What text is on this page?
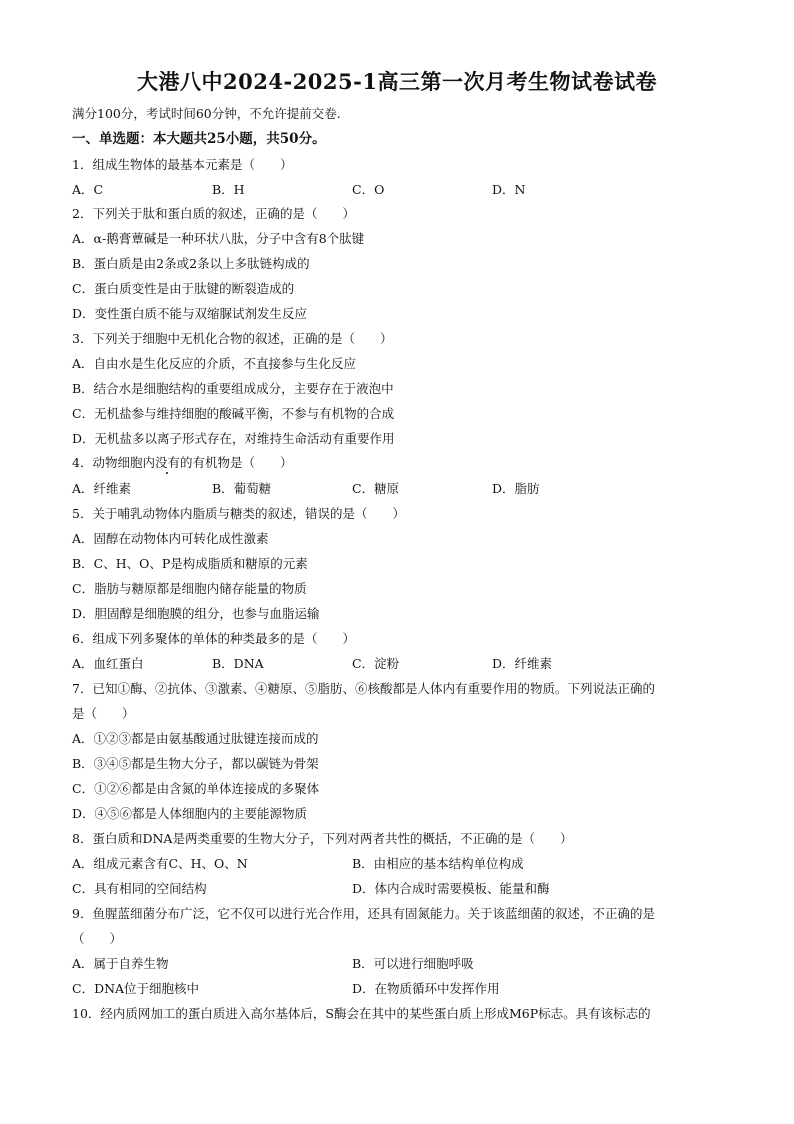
大港八中2024-2025-1高三第一次月考生物试卷试卷
满分100分，考试时间60分钟，不允许提前交卷.
一、单选题：本大题共25小题，共50分。
1．组成生物体的最基本元素是（　　）
A．C	B．H	C．O	D．N
2．下列关于肽和蛋白质的叙述，正确的是（　　）
A．α-鹅膏蕈碱是一种环状八肽，分子中含有8个肽键
B．蛋白质是由2条或2条以上多肽链构成的
C．蛋白质变性是由于肽键的断裂造成的
D．变性蛋白质不能与双缩脲试剂发生反应
3．下列关于细胞中无机化合物的叙述，正确的是（　　）
A．自由水是生化反应的介质，不直接参与生化反应
B．结合水是细胞结构的重要组成成分，主要存在于液泡中
C．无机盐参与维持细胞的酸碱平衡，不参与有机物的合成
D．无机盐多以离子形式存在，对维持生命活动有重要作用
4．动物细胞内没有的有机物是（　　）
A．纤维素	B．葡萄糖	C．糖原	D．脂肪
5．关于哺乳动物体内脂质与糖类的叙述，错误的是（　　）
A．固醇在动物体内可转化成性激素
B．C、H、O、P是构成脂质和糖原的元素
C．脂肪与糖原都是细胞内储存能量的物质
D．胆固醇是细胞膜的组分，也参与血脂运输
6．组成下列多聚体的单体的种类最多的是（　　）
A．血红蛋白	B．DNA	C．淀粉	D．纤维素
7．已知①酶、②抗体、③激素、④糖原、⑤脂肪、⑥核酸都是人体内有重要作用的物质。下列说法正确的
是（　　）
A．①②③都是由氨基酸通过肽键连接而成的
B．③④⑤都是生物大分子，都以碳链为骨架
C．①②⑥都是由含氮的单体连接成的多聚体
D．④⑤⑥都是人体细胞内的主要能源物质
8．蛋白质和DNA是两类重要的生物大分子，下列对两者共性的概括，不正确的是（　　）
A．组成元素含有C、H、O、N	B．由相应的基本结构单位构成
C．具有相同的空间结构	D．体内合成时需要模板、能量和酶
9．鱼腥蓝细菌分布广泛，它不仅可以进行光合作用，还具有固氮能力。关于该蓝细菌的叙述，不正确的是
（　　）
A．属于自养生物	B．可以进行细胞呼吸
C．DNA位于细胞核中	D．在物质循环中发挥作用
10．经内质网加工的蛋白质进入高尔基体后，S酶会在其中的某些蛋白质上形成M6P标志。具有该标志的
